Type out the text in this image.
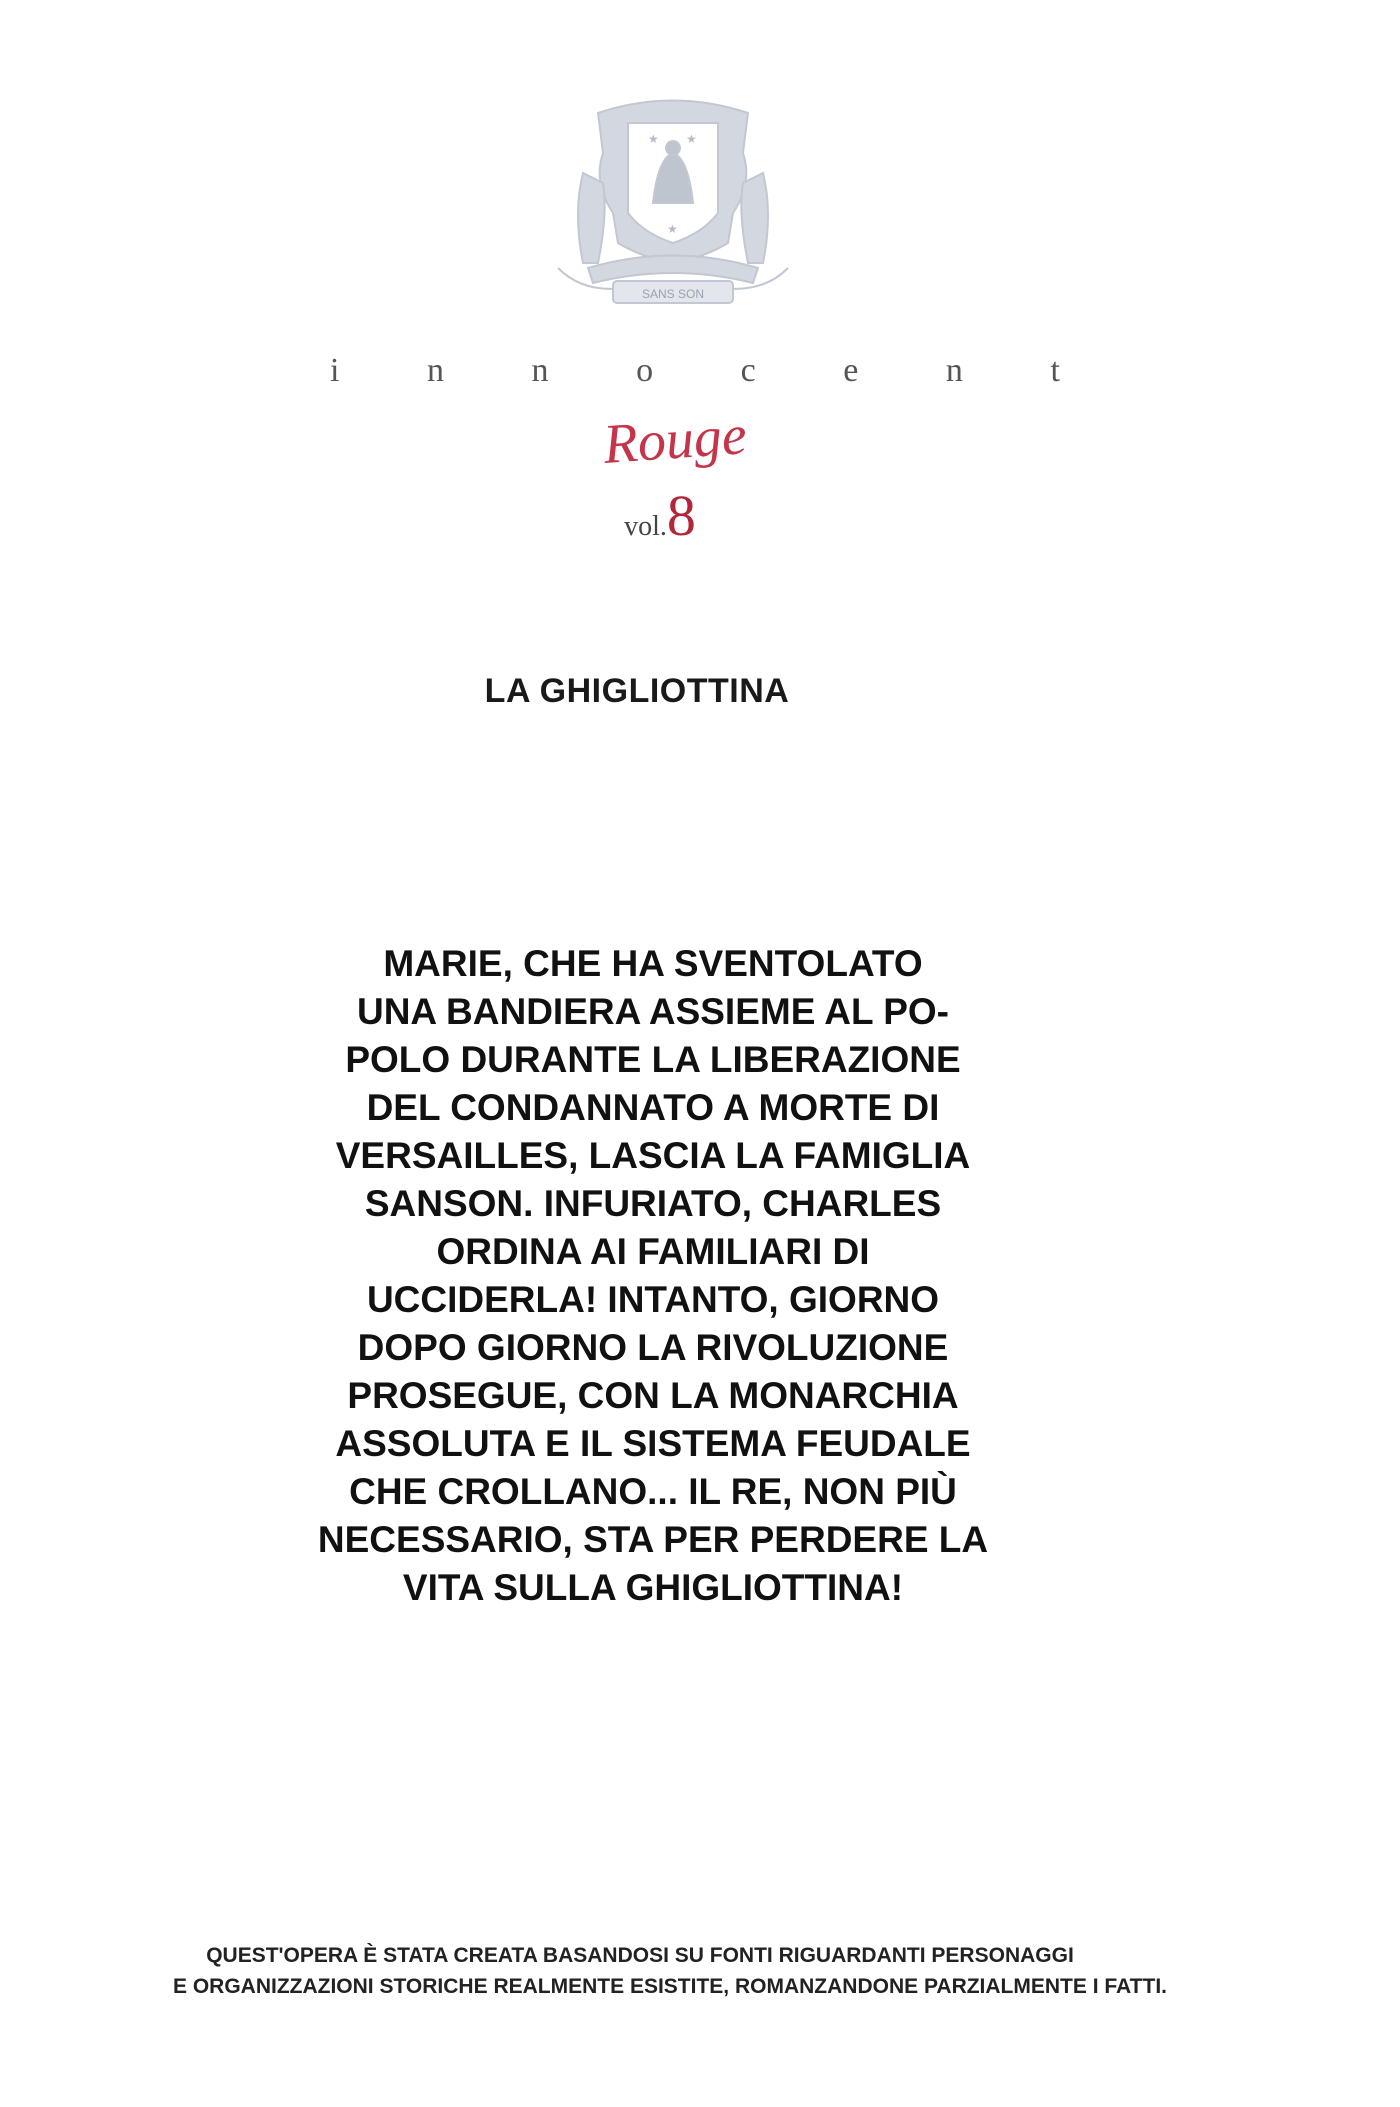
★ ★
★
SANS SON
i	n	n	o	c	e	n	t
Rouge
vol.8
LA GHIGLIOTTINA
MARIE, CHE HA SVENTOLATO
UNA BANDIERA ASSIEME AL PO-
POLO DURANTE LA LIBERAZIONE
DEL CONDANNATO A MORTE DI
VERSAILLES, LASCIA LA FAMIGLIA
SANSON. INFURIATO, CHARLES
ORDINA AI FAMILIARI DI
UCCIDERLA! INTANTO, GIORNO
DOPO GIORNO LA RIVOLUZIONE
PROSEGUE, CON LA MONARCHIA
ASSOLUTA E IL SISTEMA FEUDALE
CHE CROLLANO... IL RE, NON PIÙ
NECESSARIO, STA PER PERDERE LA
VITA SULLA GHIGLIOTTINA!
QUEST'OPERA È STATA CREATA BASANDOSI SU FONTI RIGUARDANTI PERSONAGGI
E ORGANIZZAZIONI STORICHE REALMENTE ESISTITE, ROMANZANDONE PARZIALMENTE I FATTI.
